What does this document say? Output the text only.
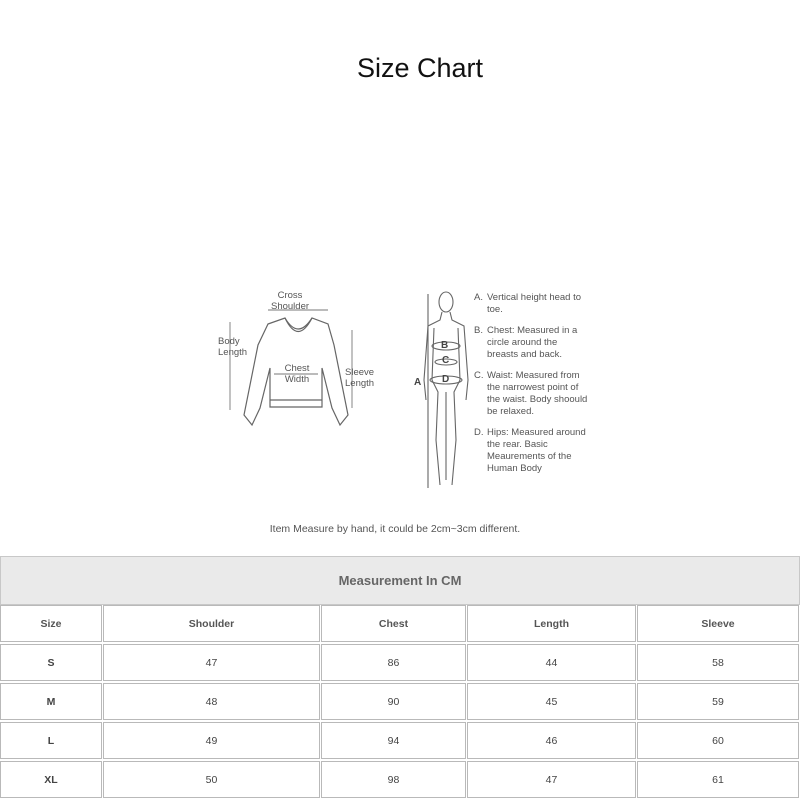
Size Chart
Cross
Shoulder
Body
Length
Chest
Width
Sleeve
Length
B
C
A D
A. Vertical height head to toe.
B. Chest: Measured in a circle around the breasts and back.
C. Waist: Measured from the narrowest point of the waist. Body shoould be relaxed.
D. Hips: Measured around the rear. Basic Meaurements of the Human Body
Item Measure by hand, it could be 2cm~3cm different.
Measurement In CM
Size	Shoulder	Chest	Length	Sleeve
S	47	86	44	58
M	48	90	45	59
L	49	94	46	60
XL	50	98	47	61
